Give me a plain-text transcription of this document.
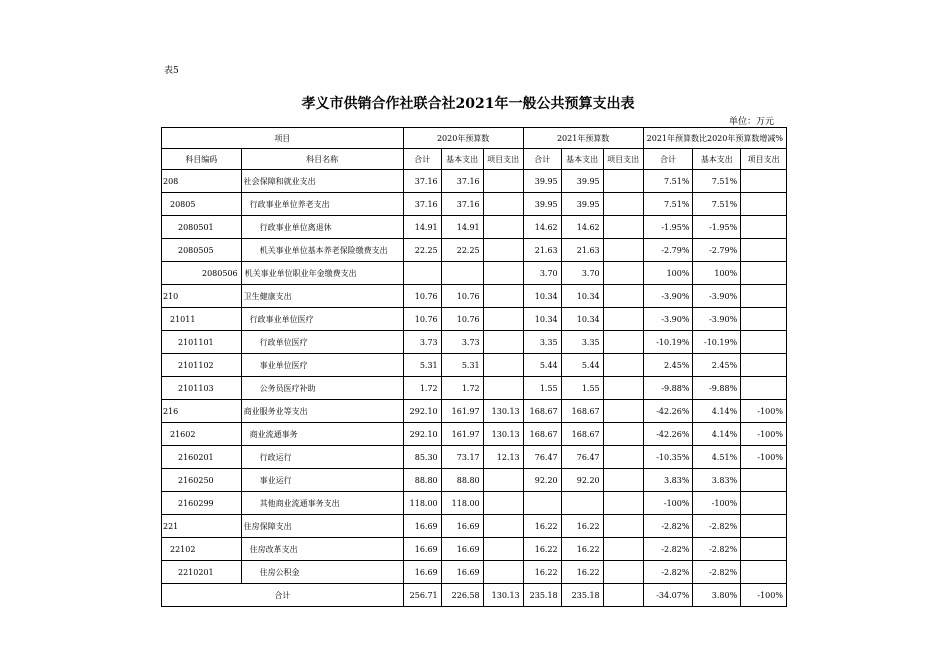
表5
孝义市供销合作社联合社2021年一般公共预算支出表
单位：万元
项目		2020年预算数			2021年预算数			2021年预算数比2020年预算数增减%		
科目编码	科目名称	合计	基本支出	项目支出	合计	基本支出	项目支出	合计	基本支出	项目支出
208	社会保障和就业支出	37.16	37.16		39.95	39.95		7.51%	7.51%	
20805	行政事业单位养老支出	37.16	37.16		39.95	39.95		7.51%	7.51%	
2080501	行政事业单位离退休	14.91	14.91		14.62	14.62		-1.95%	-1.95%	
2080505	机关事业单位基本养老保险缴费支出	22.25	22.25		21.63	21.63		-2.79%	-2.79%	
2080506	机关事业单位职业年金缴费支出				3.70	3.70		100%	100%	
210	卫生健康支出	10.76	10.76		10.34	10.34		-3.90%	-3.90%	
21011	行政事业单位医疗	10.76	10.76		10.34	10.34		-3.90%	-3.90%	
2101101	行政单位医疗	3.73	3.73		3.35	3.35		-10.19%	-10.19%	
2101102	事业单位医疗	5.31	5.31		5.44	5.44		2.45%	2.45%	
2101103	公务员医疗补助	1.72	1.72		1.55	1.55		-9.88%	-9.88%	
216	商业服务业等支出	292.10	161.97	130.13	168.67	168.67		-42.26%	4.14%	-100%
21602	商业流通事务	292.10	161.97	130.13	168.67	168.67		-42.26%	4.14%	-100%
2160201	行政运行	85.30	73.17	12.13	76.47	76.47		-10.35%	4.51%	-100%
2160250	事业运行	88.80	88.80		92.20	92.20		3.83%	3.83%	
2160299	其他商业流通事务支出	118.00	118.00					-100%	-100%	
221	住房保障支出	16.69	16.69		16.22	16.22		-2.82%	-2.82%	
22102	住房改革支出	16.69	16.69		16.22	16.22		-2.82%	-2.82%	
2210201	住房公积金	16.69	16.69		16.22	16.22		-2.82%	-2.82%	
合计		256.71	226.58	130.13	235.18	235.18		-34.07%	3.80%	-100%
